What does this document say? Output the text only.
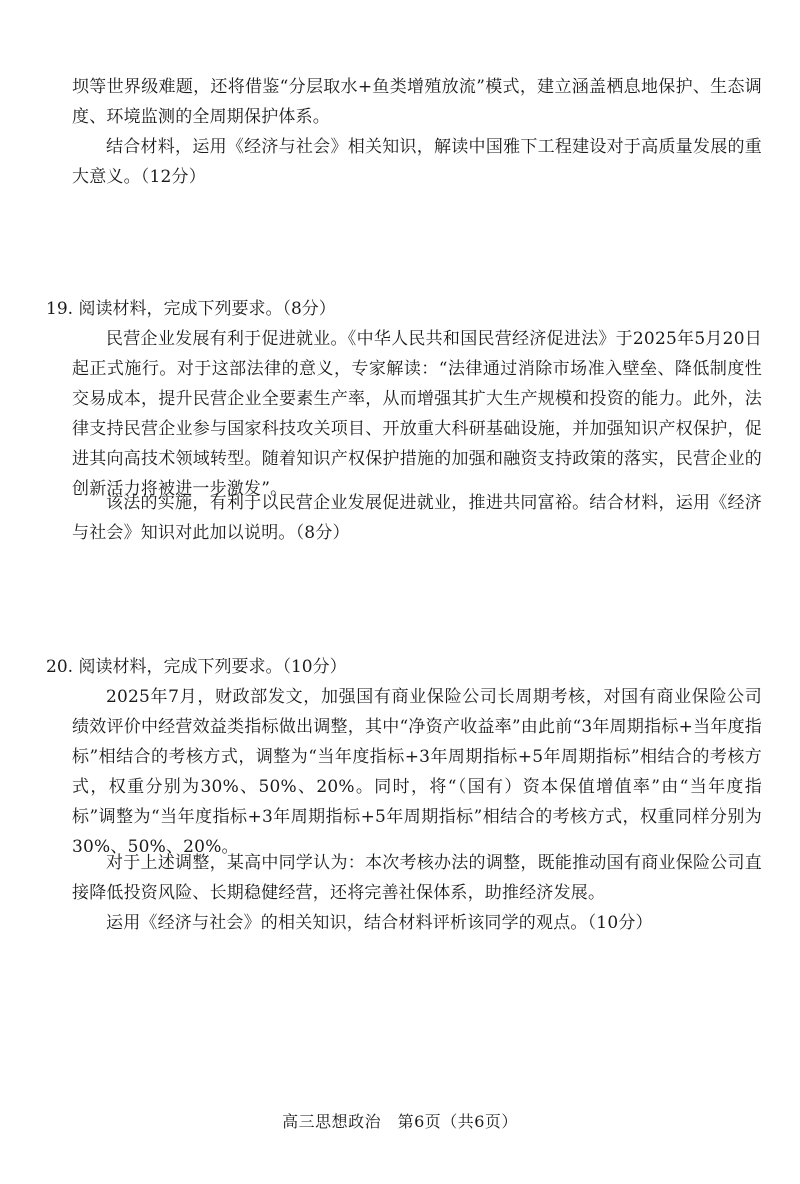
坝等世界级难题，还将借鉴“分层取水+鱼类增殖放流”模式，建立涵盖栖息地保护、生态调度、环境监测的全周期保护体系。

结合材料，运用《经济与社会》相关知识，解读中国雅下工程建设对于高质量发展的重大意义。（12分）

19. 阅读材料，完成下列要求。（8分）

民营企业发展有利于促进就业。《中华人民共和国民营经济促进法》于2025年5月20日起正式施行。对于这部法律的意义，专家解读：“法律通过消除市场准入壁垒、降低制度性交易成本，提升民营企业全要素生产率，从而增强其扩大生产规模和投资的能力。此外，法律支持民营企业参与国家科技攻关项目、开放重大科研基础设施，并加强知识产权保护，促进其向高技术领域转型。随着知识产权保护措施的加强和融资支持政策的落实，民营企业的创新活力将被进一步激发”。

该法的实施，有利于以民营企业发展促进就业，推进共同富裕。结合材料，运用《经济与社会》知识对此加以说明。（8分）

20. 阅读材料，完成下列要求。（10分）

2025年7月，财政部发文，加强国有商业保险公司长周期考核，对国有商业保险公司绩效评价中经营效益类指标做出调整，其中“净资产收益率”由此前“3年周期指标+当年度指标”相结合的考核方式，调整为“当年度指标+3年周期指标+5年周期指标”相结合的考核方式，权重分别为30%、50%、20%。同时，将“（国有）资本保值增值率”由“当年度指标”调整为“当年度指标+3年周期指标+5年周期指标”相结合的考核方式，权重同样分别为30%、50%、20%。

对于上述调整，某高中同学认为：本次考核办法的调整，既能推动国有商业保险公司直接降低投资风险、长期稳健经营，还将完善社保体系，助推经济发展。

运用《经济与社会》的相关知识，结合材料评析该同学的观点。（10分）

高三思想政治　第6页（共6页）
